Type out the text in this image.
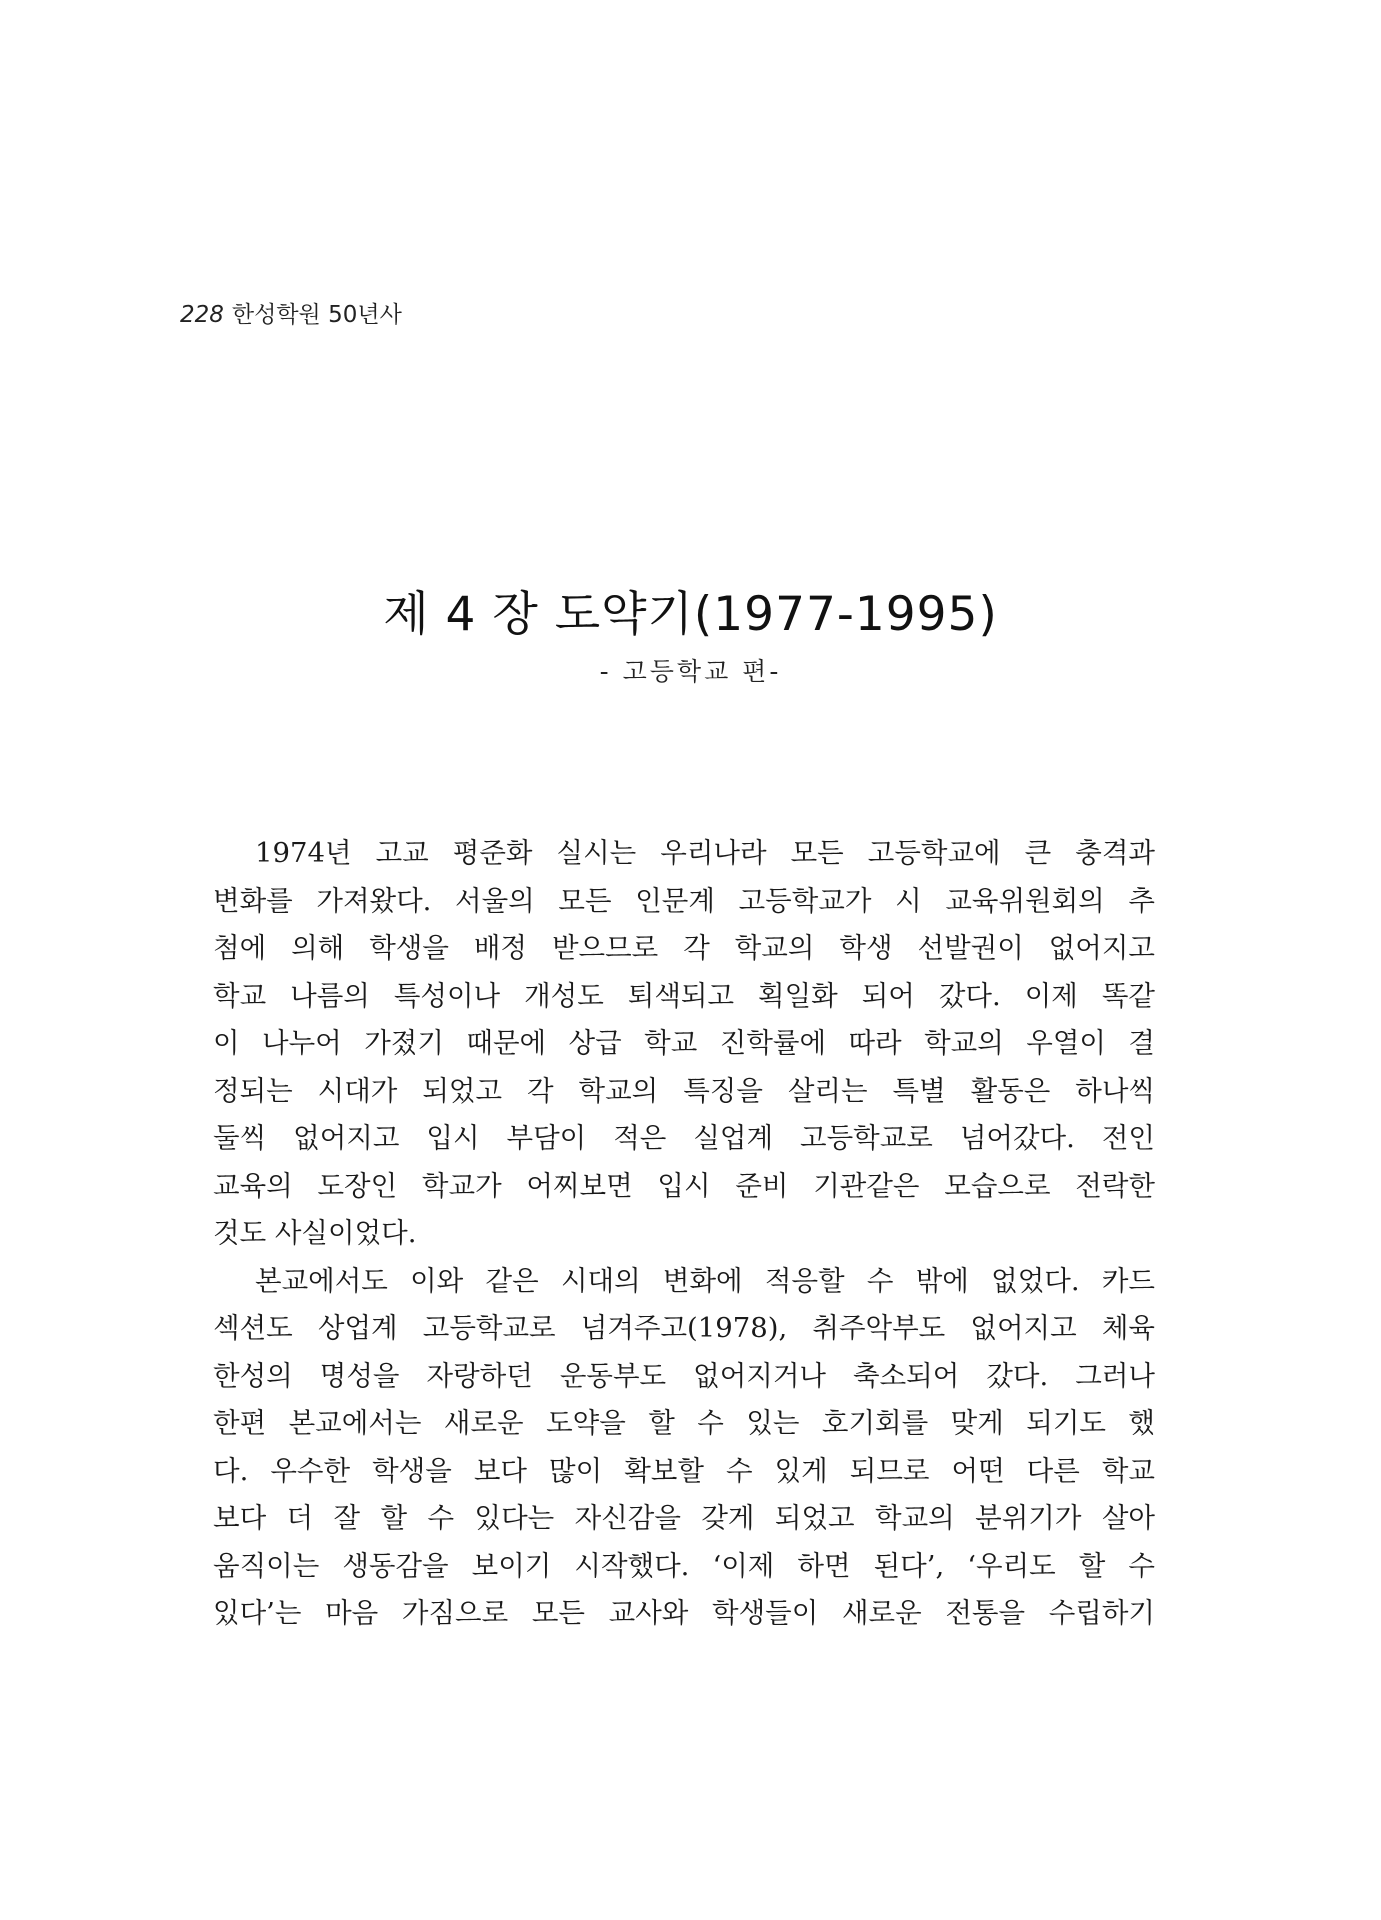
228 한성학원 50년사
제 4 장 도약기(1977-1995)
- 고등학교 편-
1974년 고교 평준화 실시는 우리나라 모든 고등학교에 큰 충격과
변화를 가져왔다. 서울의 모든 인문계 고등학교가 시 교육위원회의 추
첨에 의해 학생을 배정 받으므로 각 학교의 학생 선발권이 없어지고
학교 나름의 특성이나 개성도 퇴색되고 획일화 되어 갔다. 이제 똑같
이 나누어 가졌기 때문에 상급 학교 진학률에 따라 학교의 우열이 결
정되는 시대가 되었고 각 학교의 특징을 살리는 특별 활동은 하나씩
둘씩 없어지고 입시 부담이 적은 실업계 고등학교로 넘어갔다. 전인
교육의 도장인 학교가 어찌보면 입시 준비 기관같은 모습으로 전락한
것도 사실이었다.
본교에서도 이와 같은 시대의 변화에 적응할 수 밖에 없었다. 카드
섹션도 상업계 고등학교로 넘겨주고(1978), 취주악부도 없어지고 체육
한성의 명성을 자랑하던 운동부도 없어지거나 축소되어 갔다. 그러나
한편 본교에서는 새로운 도약을 할 수 있는 호기회를 맞게 되기도 했
다. 우수한 학생을 보다 많이 확보할 수 있게 되므로 어떤 다른 학교
보다 더 잘 할 수 있다는 자신감을 갖게 되었고 학교의 분위기가 살아
움직이는 생동감을 보이기 시작했다. ‘이제 하면 된다’, ‘우리도 할 수
있다’는 마음 가짐으로 모든 교사와 학생들이 새로운 전통을 수립하기
